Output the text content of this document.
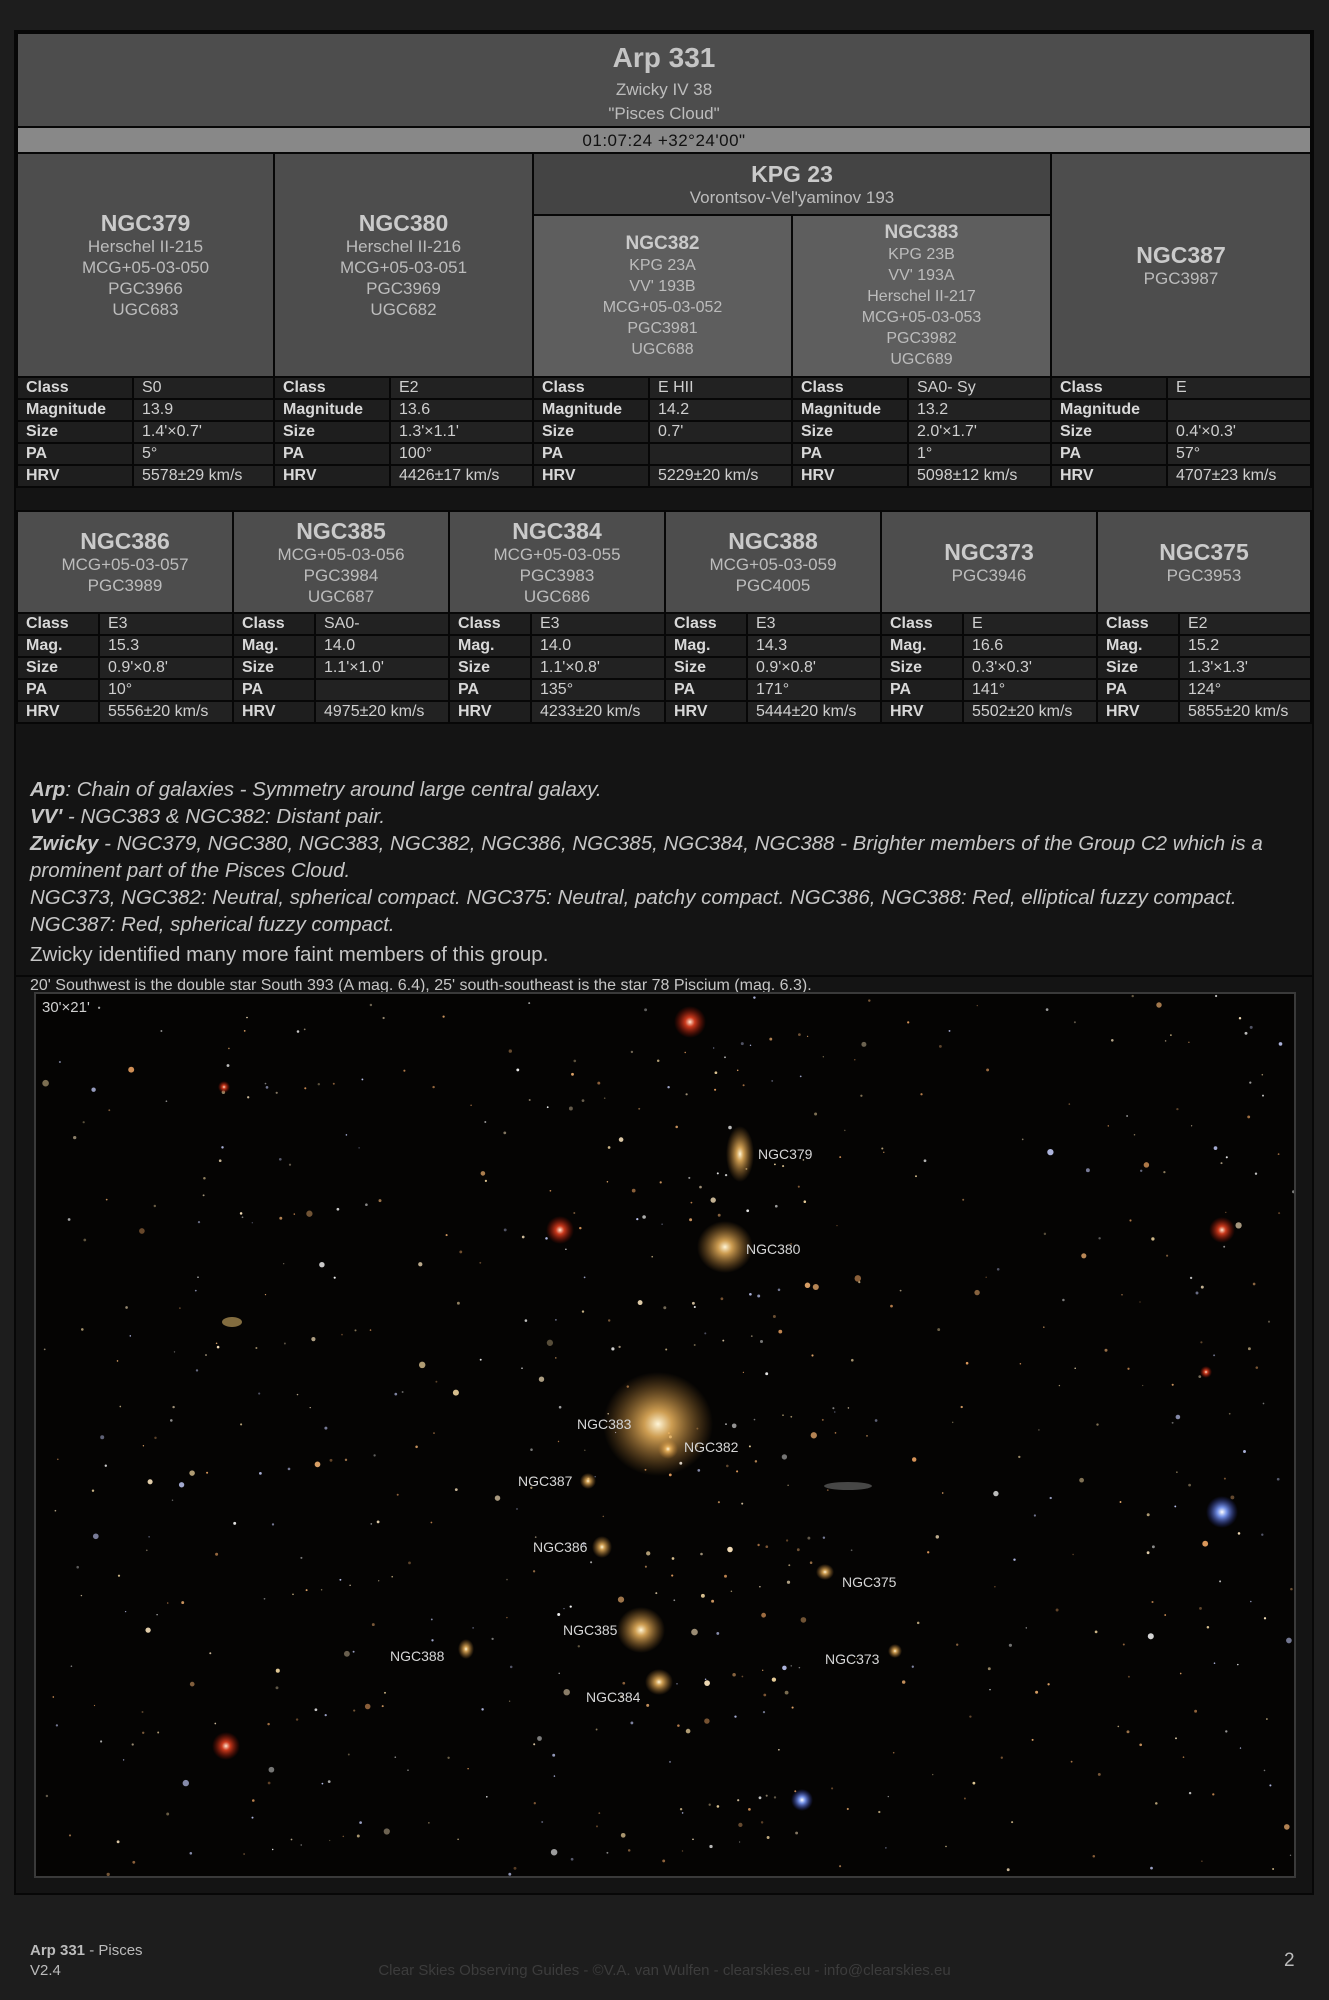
Arp 331
Zwicky IV 38
"Pisces Cloud"
01:07:24 +32°24'00"
NGC379
Herschel II-215
MCG+05-03-050
PGC3966
UGC683
NGC380
Herschel II-216
MCG+05-03-051
PGC3969
UGC682
KPG 23
Vorontsov-Vel'yaminov 193
NGC382
KPG 23A
VV' 193B
MCG+05-03-052
PGC3981
UGC688
NGC383
KPG 23B
VV' 193A
Herschel II-217
MCG+05-03-053
PGC3982
UGC689
NGC387
PGC3987
Class	S0
Magnitude	13.9
Size	1.4'×0.7'
PA	5°
HRV	5578±29 km/s
Class	E2
Magnitude	13.6
Size	1.3'×1.1'
PA	100°
HRV	4426±17 km/s
Class	E HII
Magnitude	14.2
Size	0.7'
PA	
HRV	5229±20 km/s
Class	SA0- Sy
Magnitude	13.2
Size	2.0'×1.7'
PA	1°
HRV	5098±12 km/s
Class	E
Magnitude	
Size	0.4'×0.3'
PA	57°
HRV	4707±23 km/s
NGC386
MCG+05-03-057
PGC3989
NGC385
MCG+05-03-056
PGC3984
UGC687
NGC384
MCG+05-03-055
PGC3983
UGC686
NGC388
MCG+05-03-059
PGC4005
NGC373
PGC3946
NGC375
PGC3953
Class	E3
Mag.	15.3
Size	0.9'×0.8'
PA	10°
HRV	5556±20 km/s
Class	SA0-
Mag.	14.0
Size	1.1'×1.0'
PA	
HRV	4975±20 km/s
Class	E3
Mag.	14.0
Size	1.1'×0.8'
PA	135°
HRV	4233±20 km/s
Class	E3
Mag.	14.3
Size	0.9'×0.8'
PA	171°
HRV	5444±20 km/s
Class	E
Mag.	16.6
Size	0.3'×0.3'
PA	141°
HRV	5502±20 km/s
Class	E2
Mag.	15.2
Size	1.3'×1.3'
PA	124°
HRV	5855±20 km/s

Arp: Chain of galaxies - Symmetry around large central galaxy.

VV' - NGC383 & NGC382: Distant pair.

Zwicky - NGC379, NGC380, NGC383, NGC382, NGC386, NGC385, NGC384, NGC388 - Brighter members of the Group C2 which is a prominent part of the Pisces Cloud.

NGC373, NGC382: Neutral, spherical compact. NGC375: Neutral, patchy compact. NGC386, NGC388: Red, elliptical fuzzy compact. NGC387: Red, spherical fuzzy compact.

Zwicky identified many more faint members of this group.

20' Southwest is the double star South 393 (A mag. 6.4), 25' south-southeast is the star 78 Piscium (mag. 6.3).

NGC379
NGC380
NGC383
NGC382
NGC387
NGC386
NGC375
NGC385
NGC388	NGC373
NGC384
30'×21'
Arp 331 - Pisces
V2.4	Clear Skies Observing Guides - ©V.A. van Wulfen - clearskies.eu - info@clearskies.eu	2
